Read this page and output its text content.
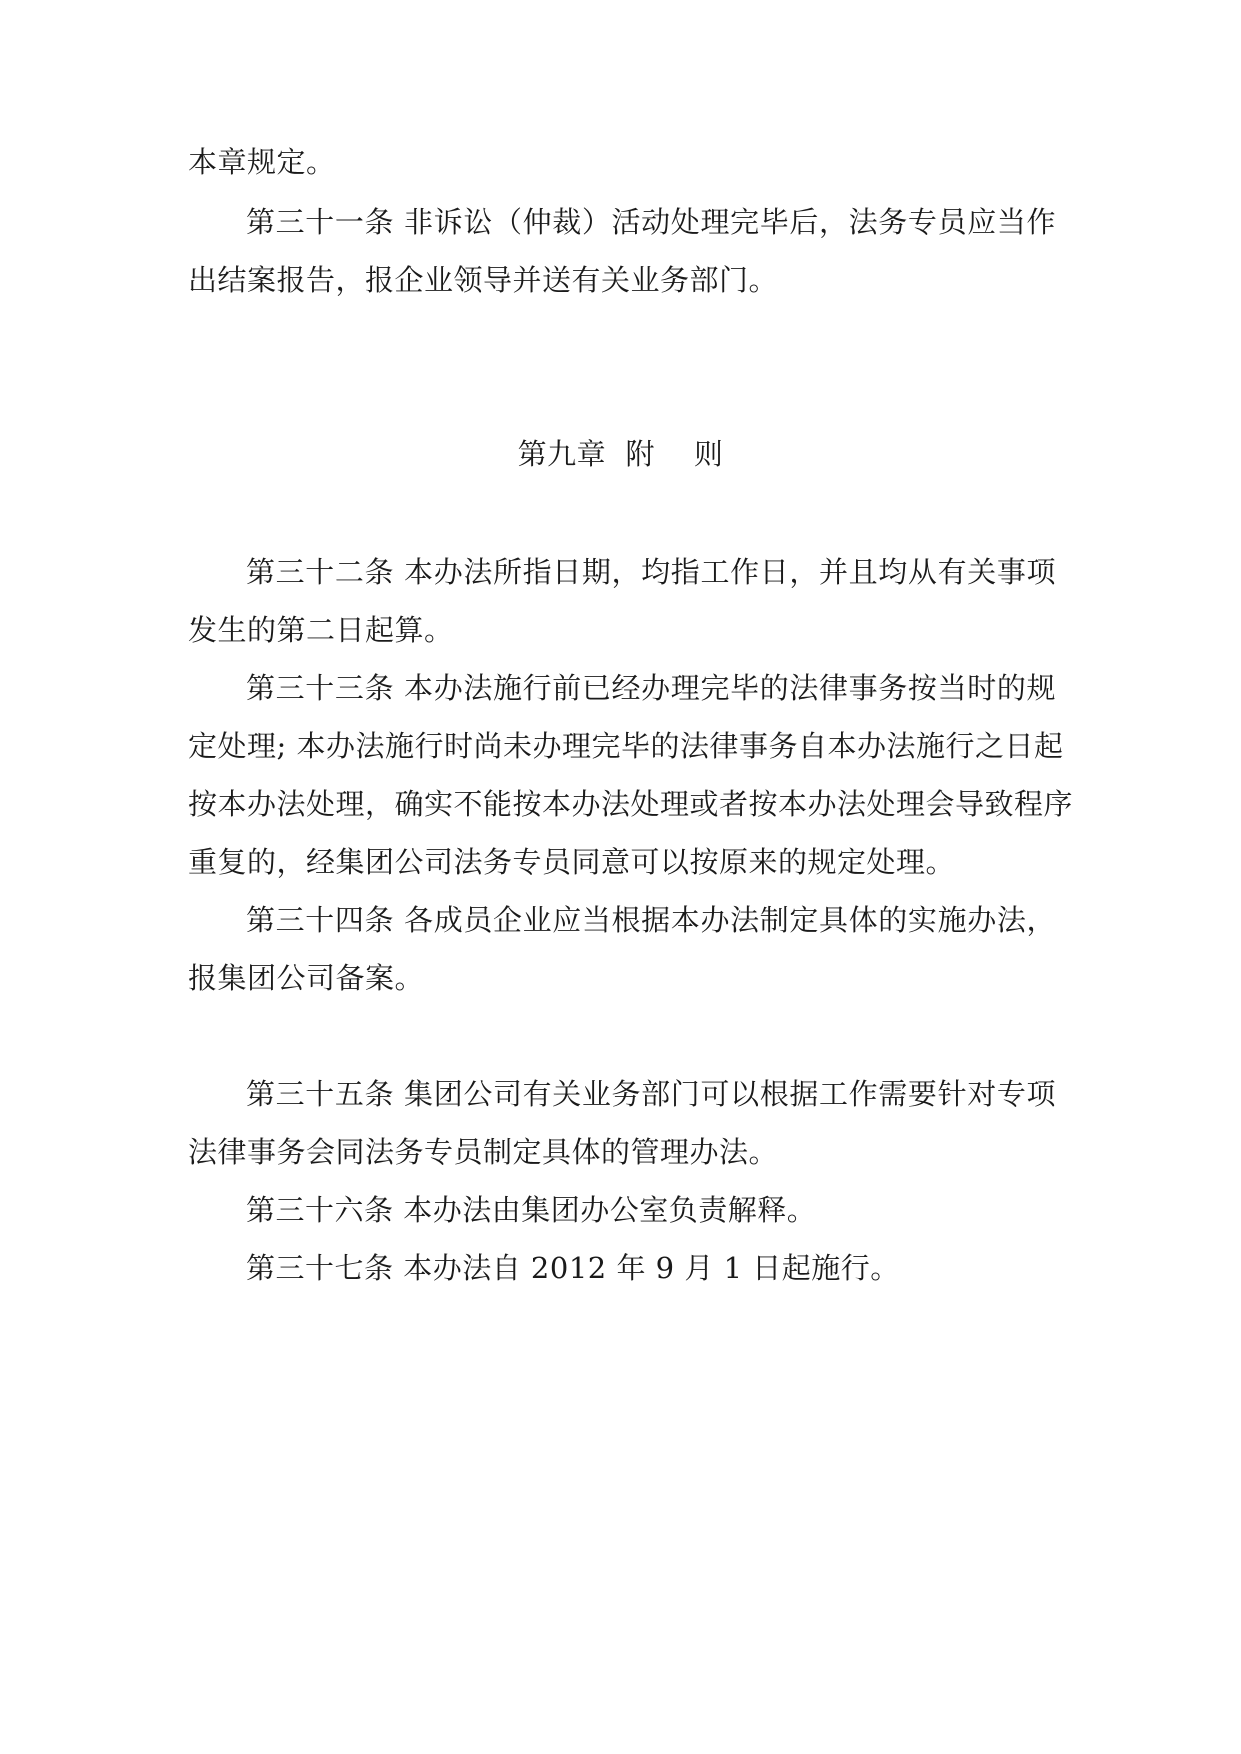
本章规定。
第三十一条 非诉讼（仲裁）活动处理完毕后，法务专员应当作
出结案报告，报企业领导并送有关业务部门。
第九章  附    则
第三十二条 本办法所指日期，均指工作日，并且均从有关事项
发生的第二日起算。
第三十三条 本办法施行前已经办理完毕的法律事务按当时的规
定处理; 本办法施行时尚未办理完毕的法律事务自本办法施行之日起
按本办法处理，确实不能按本办法处理或者按本办法处理会导致程序
重复的，经集团公司法务专员同意可以按原来的规定处理。
第三十四条 各成员企业应当根据本办法制定具体的实施办法，
报集团公司备案。
第三十五条 集团公司有关业务部门可以根据工作需要针对专项
法律事务会同法务专员制定具体的管理办法。
第三十六条 本办法由集团办公室负责解释。
第三十七条 本办法自 2012 年 9 月 1 日起施行。
